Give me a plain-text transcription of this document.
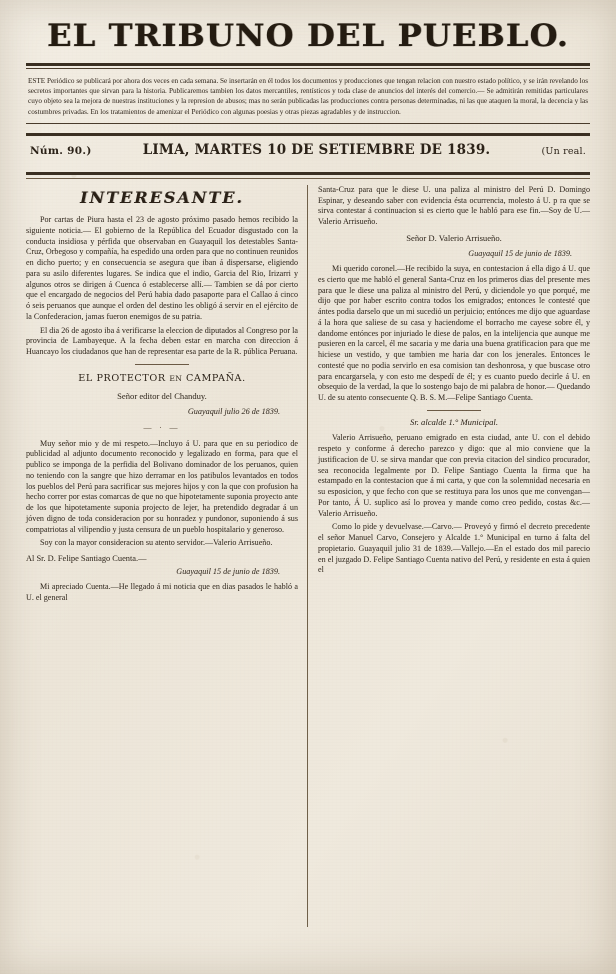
EL TRIBUNO DEL PUEBLO.
ESTE Periódico se publicará por ahora dos veces en cada semana. Se insertarán en él todos los documentos y producciones que tengan relacion con nuestro estado político, y se irán revelando los secretos importantes que sirvan para la historia. Publicaremos tambien los datos mercantiles, rentísticos y toda clase de anuncios del interés del comercio.— Se admitirán remitidas particulares cuyo objeto sea la mejora de nuestras instituciones y la represion de abusos; mas no serán publicadas las producciones contra personas determinadas, ni las que ataquen la moral, la decencia y las costumbres privadas. En los tratamientos de amenizar el Periódico con algunas poesias y otras piezas agradables y de instruccion.
Núm. 90.)	LIMA, MARTES 10 DE SETIEMBRE DE 1839.	(Un real.
INTERESANTE.

Por cartas de Piura hasta el 23 de agosto próximo pasado hemos recibido la siguiente noticia.— El gobierno de la República del Ecuador disgustado con la conducta insidiosa y pérfida que observaban en Guayaquil los detestables Santa-Cruz, Orbegoso y compañía, ha espedido una orden para que no continuen reunidos en dicho puerto; y en consecuencia se asegura que iban á dispersarse, eligiendo para su asilo diferentes lugares. Se indica que el indio, Garcia del Rio, Irizarri y algunos otros se dirigen á Cuenca ó establecerse allí.— Tambien se dá por cierto que el encargado de negocios del Perú habia dado pasaporte para el Callao á cinco ó seis peruanos que aunque el orden del destino les obligó á servir en el ejército de la Confederacion, jamas fueron enemigos de su patria.

El dia 26 de agosto iba á verificarse la eleccion de diputados al Congreso por la provincia de Lambayeque. A la fecha deben estar en marcha con direccion á Huancayo los ciudadanos que han de representar esa parte de la R. pública Peruana.

EL PROTECTOR EN CAMPAÑA.
Señor editor del Chanduy.
Guayaquil julio 26 de 1839.
— ∙ —

Muy señor mio y de mi respeto.—Incluyo á U. para que en su periodico de publicidad al adjunto documento reconocido y legalizado en forma, para que el publico se imponga de la perfidia del Bolivano dominador de los peruanos, quien no teniendo con la sangre que hizo derramar en los patibulos levantados en todos los pueblos del Perú para sacrificar sus mejores hijos y con la que con profusion ha hecho correr por estas comarcas de que no que hipotetamente suponia proyecto ante de los que hipotetamente suponia projecto de lejer, ha pretendido degradar á un jóven digno de toda consideracion por su honradez y pundonor, suponiendo á sus compatriotas al vilipendio y justa censura de un pueblo hospitalario y generoso.

Soy con la mayor consideracion su atento servidor.—Valerio Arrisueño.

Al Sr. D. Felipe Santiago Cuenta.—
Guayaquil 15 de junio de 1839.

Mi apreciado Cuenta.—He llegado á mi noticia que en dias pasados le habló a U. el general

Santa-Cruz para que le diese U. una paliza al ministro del Perú D. Domingo Espinar, y deseando saber con evidencia ésta ocurrencia, molesto á U. p ra que se sirva contestar á continuacion si es cierto que le habló para ese fin.—Soy de U.— Valerio Arrisueño.

Señor D. Valerio Arrisueño.
Guayaquil 15 de junio de 1839.

Mi querido coronel.—He recibido la suya, en contestacion á ella digo á U. que es cierto que me habló el general Santa-Cruz en los primeros dias del presente mes para que le diese una paliza al ministro del Perú, y diciendole yo que porqué, me dijo que por haber escrito contra todos los emigrados; entonces le contesté que ántes podia darselo que un mi sucedió un perjuicio; entónces me dijo que aguardase á la hora que saliese de su casa y haciendome el borracho me cayese sobre él, y dandome entónces por injuriado le diese de palos, en la intelijencia que aunque me pusieren en la carcel, él me sacaria y me daria una buena gratificacion para que me hiciese un vestido, y que tambien me haria dar con los jenerales. Entonces le contesté que no podia servirlo en esa comision tan deshonrosa, y que buscase otro para encargarsela, y con esto me despedí de él; y es cuanto puedo decirle á U. en obsequio de la verdad, la que lo sostengo bajo de mi palabra de honor.— Quedando U. de su atento consecuente Q. B. S. M.—Felipe Santiago Cuenta.

Sr. alcalde 1.° Municipal.

Valerio Arrisueño, peruano emigrado en esta ciudad, ante U. con el debido respeto y conforme á derecho parezco y digo: que al mio conviene que la justificacion de U. se sirva mandar que con previa citacion del sindico procurador, sea reconocida legalmente por D. Felipe Santiago Cuenta la firma que ha estampado en la contestacion que á mi carta, y que con la solemnidad necesaria en su esposicion, y que fecho con que se restituya para los unos que me convengan—Por tanto, Á U. suplico así lo provea y mande como creo pedido, costas &c.—Valerio Arrisueño.

Como lo pide y devuelvase.—Carvo.— Proveyó y firmó el decreto precedente el señor Manuel Carvo, Consejero y Alcalde 1.° Municipal en turno á falta del propietario. Guayaquil julio 31 de 1839.—Vallejo.—En el estado dos mil parecio en el juzgado D. Felipe Santiago Cuenta nativo del Perú, y residente en esta á quien el
